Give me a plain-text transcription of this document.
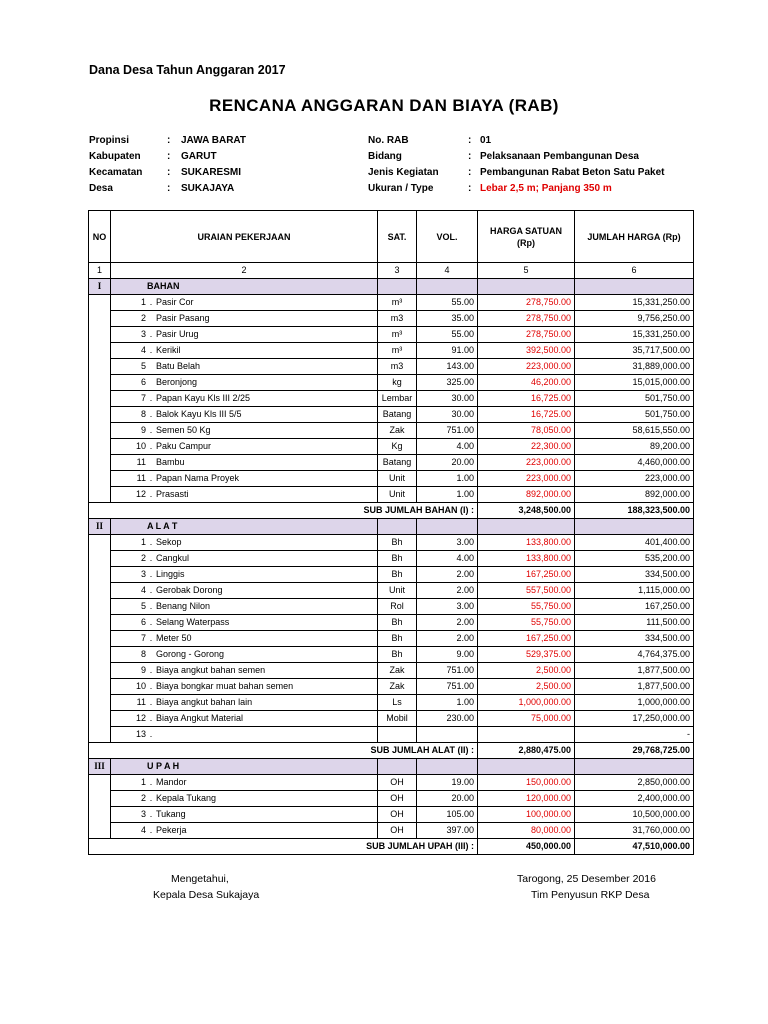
Dana Desa Tahun Anggaran 2017
RENCANA ANGGARAN DAN BIAYA (RAB)
Propinsi	: JAWA BARAT
Kabupaten	: GARUT
Kecamatan : SUKARESMI
Desa	: SUKAJAYA
No. RAB	: 01
Bidang	: Pelaksanaan Pembangunan Desa
Jenis Kegiatan	: Pembangunan Rabat Beton Satu Paket
Ukuran / Type	: Lebar 2,5 m; Panjang 350 m
NO	URAIAN PEKERJAAN	SAT.	VOL.	HARGA SATUAN (Rp)	JUMLAH HARGA (Rp)
1	2	3	4	5	6
I	BAHAN				

	1 . Pasir Cor	m³	55.00	278,750.00	15,331,250.00

	2 Pasir Pasang	m3	35.00	278,750.00	9,756,250.00

	3 . Pasir Urug	m³	55.00	278,750.00	15,331,250.00

	4 . Kerikil	m³	91.00	392,500.00	35,717,500.00

	5 Batu Belah	m3	143.00	223,000.00	31,889,000.00

	6 Beronjong	kg	325.00	46,200.00	15,015,000.00

	7 . Papan Kayu Kls III 2/25	Lembar	30.00	16,725.00	501,750.00

	8 . Balok Kayu Kls III 5/5	Batang	30.00	16,725.00	501,750.00

	9 . Semen 50 Kg	Zak	751.00	78,050.00	58,615,550.00

	10 . Paku Campur	Kg	4.00	22,300.00	89,200.00

	11 Bambu	Batang	20.00	223,000.00	4,460,000.00

	11 . Papan Nama Proyek	Unit	1.00	223,000.00	223,000.00

	12 . Prasasti	Unit	1.00	892,000.00	892,000.00
SUB JUMLAH BAHAN (I) :				3,248,500.00	188,323,500.00
II	A L A T				

	1 . Sekop	Bh	3.00	133,800.00	401,400.00

	2 . Cangkul	Bh	4.00	133,800.00	535,200.00

	3 . Linggis	Bh	2.00	167,250.00	334,500.00

	4 . Gerobak Dorong	Unit	2.00	557,500.00	1,115,000.00

	5 . Benang Nilon	Rol	3.00	55,750.00	167,250.00

	6 . Selang Waterpass	Bh	2.00	55,750.00	111,500.00

	7 . Meter 50	Bh	2.00	167,250.00	334,500.00

	8 Gorong - Gorong	Bh	9.00	529,375.00	4,764,375.00

	9 . Biaya angkut bahan semen	Zak	751.00	2,500.00	1,877,500.00

	10 . Biaya bongkar muat bahan semen	Zak	751.00	2,500.00	1,877,500.00

	11 . Biaya angkut bahan lain	Ls	1.00	1,000,000.00	1,000,000.00

	12 . Biaya Angkut Material	Mobil	230.00	75,000.00	17,250,000.00

	13 .				-
SUB JUMLAH ALAT (II) :				2,880,475.00	29,768,725.00
III	U P A H				

	1 . Mandor	OH	19.00	150,000.00	2,850,000.00

	2 . Kepala Tukang	OH	20.00	120,000.00	2,400,000.00

	3 . Tukang	OH	105.00	100,000.00	10,500,000.00

	4 . Pekerja	OH	397.00	80,000.00	31,760,000.00
SUB JUMLAH UPAH (III) :				450,000.00	47,510,000.00
Mengetahui,
Kepala Desa Sukajaya
Tarogong, 25 Desember 2016
Tim Penyusun RKP Desa
